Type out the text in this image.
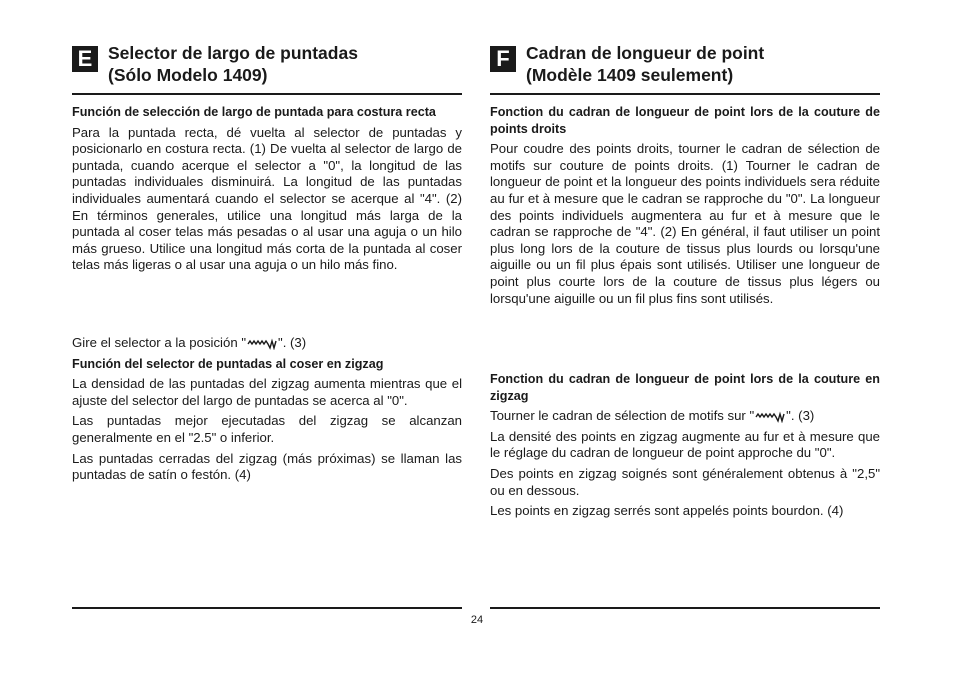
E Selector de largo de puntadas
(Sólo Modelo 1409)

Función de selección de largo de puntada para costura recta

Para la puntada recta, dé vuelta al selector de puntadas y posicionarlo en costura recta. (1) De vuelta al selector de largo de puntada, cuando acerque el selector a "0", la longitud de las puntadas individuales disminuirá. La longitud de las puntadas individuales aumentará cuando el selector se acerque al "4". (2) En términos generales, utilice una longitud más larga de la puntada al coser telas más pesadas o al usar una aguja o un hilo más grueso. Utilice una longitud más corta de la puntada al coser telas más ligeras o al usar una aguja o un hilo más fino.

Gire el selector a la posición " ". (3)

Función del selector de puntadas al coser en zigzag

La densidad de las puntadas del zigzag aumenta mientras que el ajuste del selector del largo de puntadas se acerca al "0".

Las puntadas mejor ejecutadas del zigzag se alcanzan generalmente en el "2.5" o inferior.

Las puntadas cerradas del zigzag (más próximas) se llaman las puntadas de satín o festón. (4)

F Cadran de longueur de point
(Modèle 1409 seulement)

Fonction du cadran de longueur de point lors de la couture de points droits

Pour coudre des points droits, tourner le cadran de sélection de motifs sur couture de points droits. (1) Tourner le cadran de longueur de point et la longueur des points individuels sera réduite au fur et à mesure que le cadran se rapproche du "0". La longueur des points individuels augmentera au fur et à mesure que le cadran se rapproche de "4". (2) En général, il faut utiliser un point plus long lors de la couture de tissus plus lourds ou lorsqu'une aiguille ou un fil plus épais sont utilisés. Utiliser une longueur de point plus courte lors de la couture de tissus plus légers ou lorsqu'une aiguille ou un fil plus fins sont utilisés.

Fonction du cadran de longueur de point lors de la couture en zigzag

Tourner le cadran de sélection de motifs sur " ". (3)

La densité des points en zigzag augmente au fur et à mesure que le réglage du cadran de longueur de point approche du "0".

Des points en zigzag soignés sont généralement obtenus à "2,5" ou en dessous.

Les points en zigzag serrés sont appelés points bourdon. (4)

24
